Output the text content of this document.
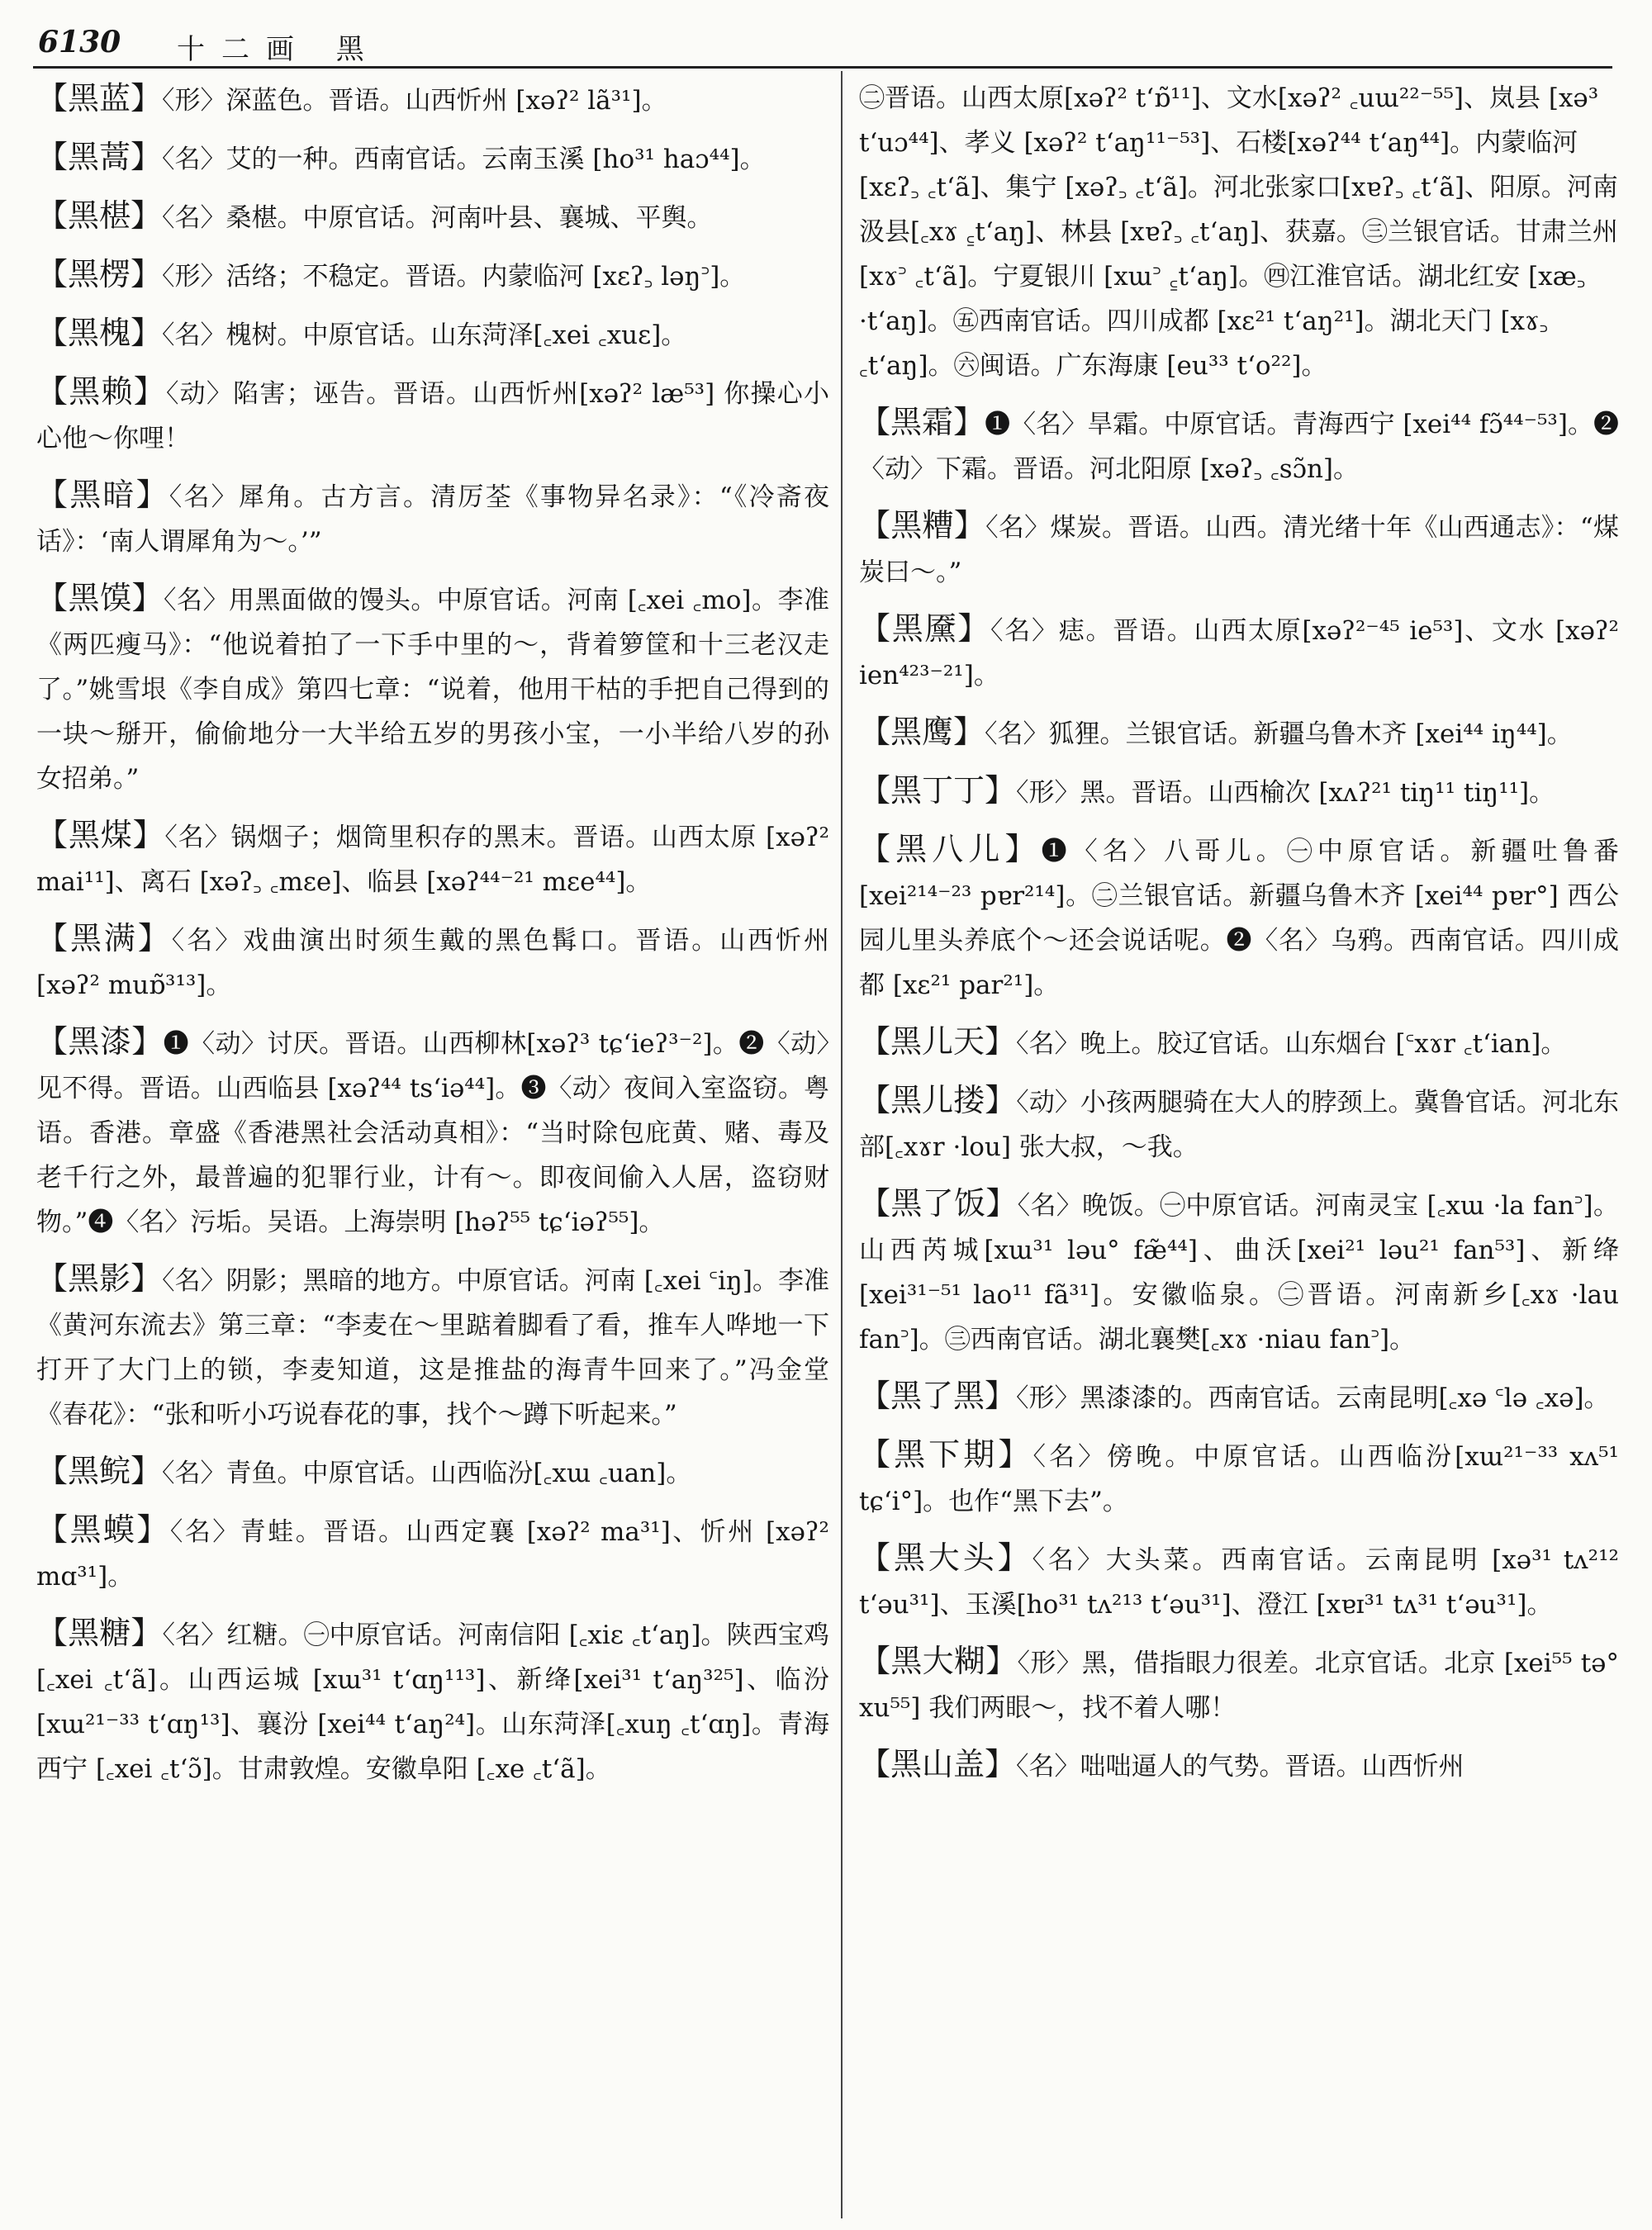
6130 十二画 黑

【 黑蓝 】 〈形〉深蓝色。晋语。山西忻州 [xəʔ² lã³¹]。

【 黑蒿 】 〈名〉艾的一种。西南官话。云南玉溪 [ho³¹ haɔ⁴⁴]。

【 黑椹 】 〈名〉桑椹。中原官话。河南叶县、襄城、平舆。

【 黑楞 】 〈形〉活络；不稳定。晋语。内蒙临河 [xɛʔ꜆ ləŋ꜄]。

【 黑槐 】 〈名〉槐树。中原官话。山东菏泽[꜀xei ꜀xuɛ]。

【 黑赖 】 〈动〉陷害；诬告。晋语。山西忻州[xəʔ² læ⁵³] 你操心小心他～你哩！

【 黑暗 】 〈名〉犀角。古方言。清厉荃《事物异名录》：“《冷斋夜话》：‘南人谓犀角为～。’”

【 黑馍 】 〈名〉用黑面做的馒头。中原官话。河南 [꜀xei ꜀mo]。李准《两匹瘦马》：“他说着拍了一下手中里的～，背着箩筐和十三老汉走了。”姚雪垠《李自成》第四七章：“说着，他用干枯的手把自己得到的一块～掰开，偷偷地分一大半给五岁的男孩小宝，一小半给八岁的孙女招弟。”

【 黑煤 】 〈名〉锅烟子；烟筒里积存的黑末。晋语。山西太原 [xəʔ² mai¹¹]、离石 [xəʔ꜆ ꜀mɛe]、临县 [xəʔ⁴⁴⁻²¹ mɛe⁴⁴]。

【 黑满 】 〈名〉戏曲演出时须生戴的黑色髯口。晋语。山西忻州 [xəʔ² muɒ̃³¹³]。

【 黑漆 】 ❶〈动〉讨厌。晋语。山西柳林[xəʔ³ tɕʻieʔ³⁻²]。❷〈动〉见不得。晋语。山西临县 [xəʔ⁴⁴ tsʻiə⁴⁴]。❸〈动〉夜间入室盗窃。粤语。香港。章盛《香港黑社会活动真相》：“当时除包庇黄、赌、毒及老千行之外，最普遍的犯罪行业，计有～。即夜间偷入人居，盗窃财物。”❹〈名〉污垢。吴语。上海崇明 [həʔ⁵⁵ tɕʻiəʔ⁵⁵]。

【 黑影 】 〈名〉阴影；黑暗的地方。中原官话。河南 [꜀xei ꜂iŋ]。李准《黄河东流去》第三章：“李麦在～里踮着脚看了看，推车人哗地一下打开了大门上的锁，李麦知道，这是推盐的海青牛回来了。”冯金堂《春花》：“张和听小巧说春花的事，找个～蹲下听起来。”

【 黑鲩 】 〈名〉青鱼。中原官话。山西临汾[꜀xɯ ꜀uan]。

【 黑蟆 】 〈名〉青蛙。晋语。山西定襄 [xəʔ² ma³¹]、忻州 [xəʔ² mɑ³¹]。

【 黑糖 】 〈名〉红糖。㊀中原官话。河南信阳 [꜀xiɛ ꜀tʻaŋ]。陕西宝鸡 [꜀xei ꜀tʻã]。山西运城 [xɯ³¹ tʻɑŋ¹¹³]、新绛[xei³¹ tʻaŋ³²⁵]、临汾[xɯ²¹⁻³³ tʻɑŋ¹³]、襄汾 [xei⁴⁴ tʻaŋ²⁴]。山东菏泽[꜀xuŋ ꜀tʻɑŋ]。青海西宁 [꜀xei ꜀tʻɔ̃]。甘肃敦煌。安徽阜阳 [꜀xe ꜀tʻã]。

㊁晋语。山西太原[xəʔ² tʻɒ̃¹¹]、文水[xəʔ² ꜀uɯ²²⁻⁵⁵]、岚县 [xə³ tʻuɔ⁴⁴]、孝义 [xəʔ² tʻaŋ¹¹⁻⁵³]、石楼[xəʔ⁴⁴ tʻaŋ⁴⁴]。内蒙临河 [xɛʔ꜆ ꜀tʻã]、集宁 [xəʔ꜆ ꜀tʻã]。河北张家口[xɐʔ꜆ ꜀tʻã]、阳原。河南汲县[꜀xɤ ꜁tʻaŋ]、林县 [xɐʔ꜆ ꜀tʻaŋ]、获嘉。㊂兰银官话。甘肃兰州 [xɤ꜄ ꜀tʻã]。宁夏银川 [xɯ꜄ ꜁tʻaŋ]。㊃江淮官话。湖北红安 [xæ꜆ ·tʻaŋ]。㊄西南官话。四川成都 [xɛ²¹ tʻaŋ²¹]。湖北天门 [xɤ꜆ ꜀tʻaŋ]。㊅闽语。广东海康 [eu³³ tʻo²²]。

【 黑霜 】 ❶〈名〉旱霜。中原官话。青海西宁 [xei⁴⁴ fɔ̃⁴⁴⁻⁵³]。❷〈动〉下霜。晋语。河北阳原 [xəʔ꜆ ꜀sɔ̃n]。

【 黑糟 】 〈名〉煤炭。晋语。山西。清光绪十年《山西通志》：“煤炭曰～。”

【 黑黡 】 〈名〉痣。晋语。山西太原[xəʔ²⁻⁴⁵ ie⁵³]、文水 [xəʔ² ien⁴²³⁻²¹]。

【 黑鹰 】 〈名〉狐狸。兰银官话。新疆乌鲁木齐 [xei⁴⁴ iŋ⁴⁴]。

【 黑丁丁 】 〈形〉黑。晋语。山西榆次 [xʌʔ²¹ tiŋ¹¹ tiŋ¹¹]。

【 黑八儿 】 ❶〈名〉八哥儿。㊀中原官话。新疆吐鲁番 [xei²¹⁴⁻²³ pɐr²¹⁴]。㊁兰银官话。新疆乌鲁木齐 [xei⁴⁴ pɐr°] 西公园儿里头养底个～还会说话呢。❷〈名〉乌鸦。西南官话。四川成都 [xɛ²¹ par²¹]。

【 黑儿天 】 〈名〉晚上。胶辽官话。山东烟台 [꜂xɤr ꜀tʻian]。

【 黑儿搂 】 〈动〉小孩两腿骑在大人的脖颈上。冀鲁官话。河北东部[꜀xɤr ·lou] 张大叔，～我。

【 黑了饭 】 〈名〉晚饭。㊀中原官话。河南灵宝 [꜀xɯ ·la fan꜄]。山西芮城[xɯ³¹ ləu° fæ̃⁴⁴]、曲沃[xei²¹ ləu²¹ fan⁵³]、新绛 [xei³¹⁻⁵¹ lao¹¹ fã³¹]。安徽临泉。㊁晋语。河南新乡[꜀xɤ ·lau fan꜄]。㊂西南官话。湖北襄樊[꜀xɤ ·niau fan꜄]。

【 黑了黑 】 〈形〉黑漆漆的。西南官话。云南昆明[꜀xə ꜂lə ꜀xə]。

【 黑下期 】 〈名〉傍晚。中原官话。山西临汾[xɯ²¹⁻³³ xʌ⁵¹ tɕʻi°]。也作“黑下去”。

【 黑大头 】 〈名〉大头菜。西南官话。云南昆明 [xə³¹ tʌ²¹² tʻəu³¹]、玉溪[ho³¹ tʌ²¹³ tʻəu³¹]、澄江 [xɐɪ³¹ tʌ³¹ tʻəu³¹]。

【 黑大糊 】 〈形〉黑，借指眼力很差。北京官话。北京 [xei⁵⁵ tə° xu⁵⁵] 我们两眼～，找不着人哪！

【 黑山盖 】 〈名〉咄咄逼人的气势。晋语。山西忻州
